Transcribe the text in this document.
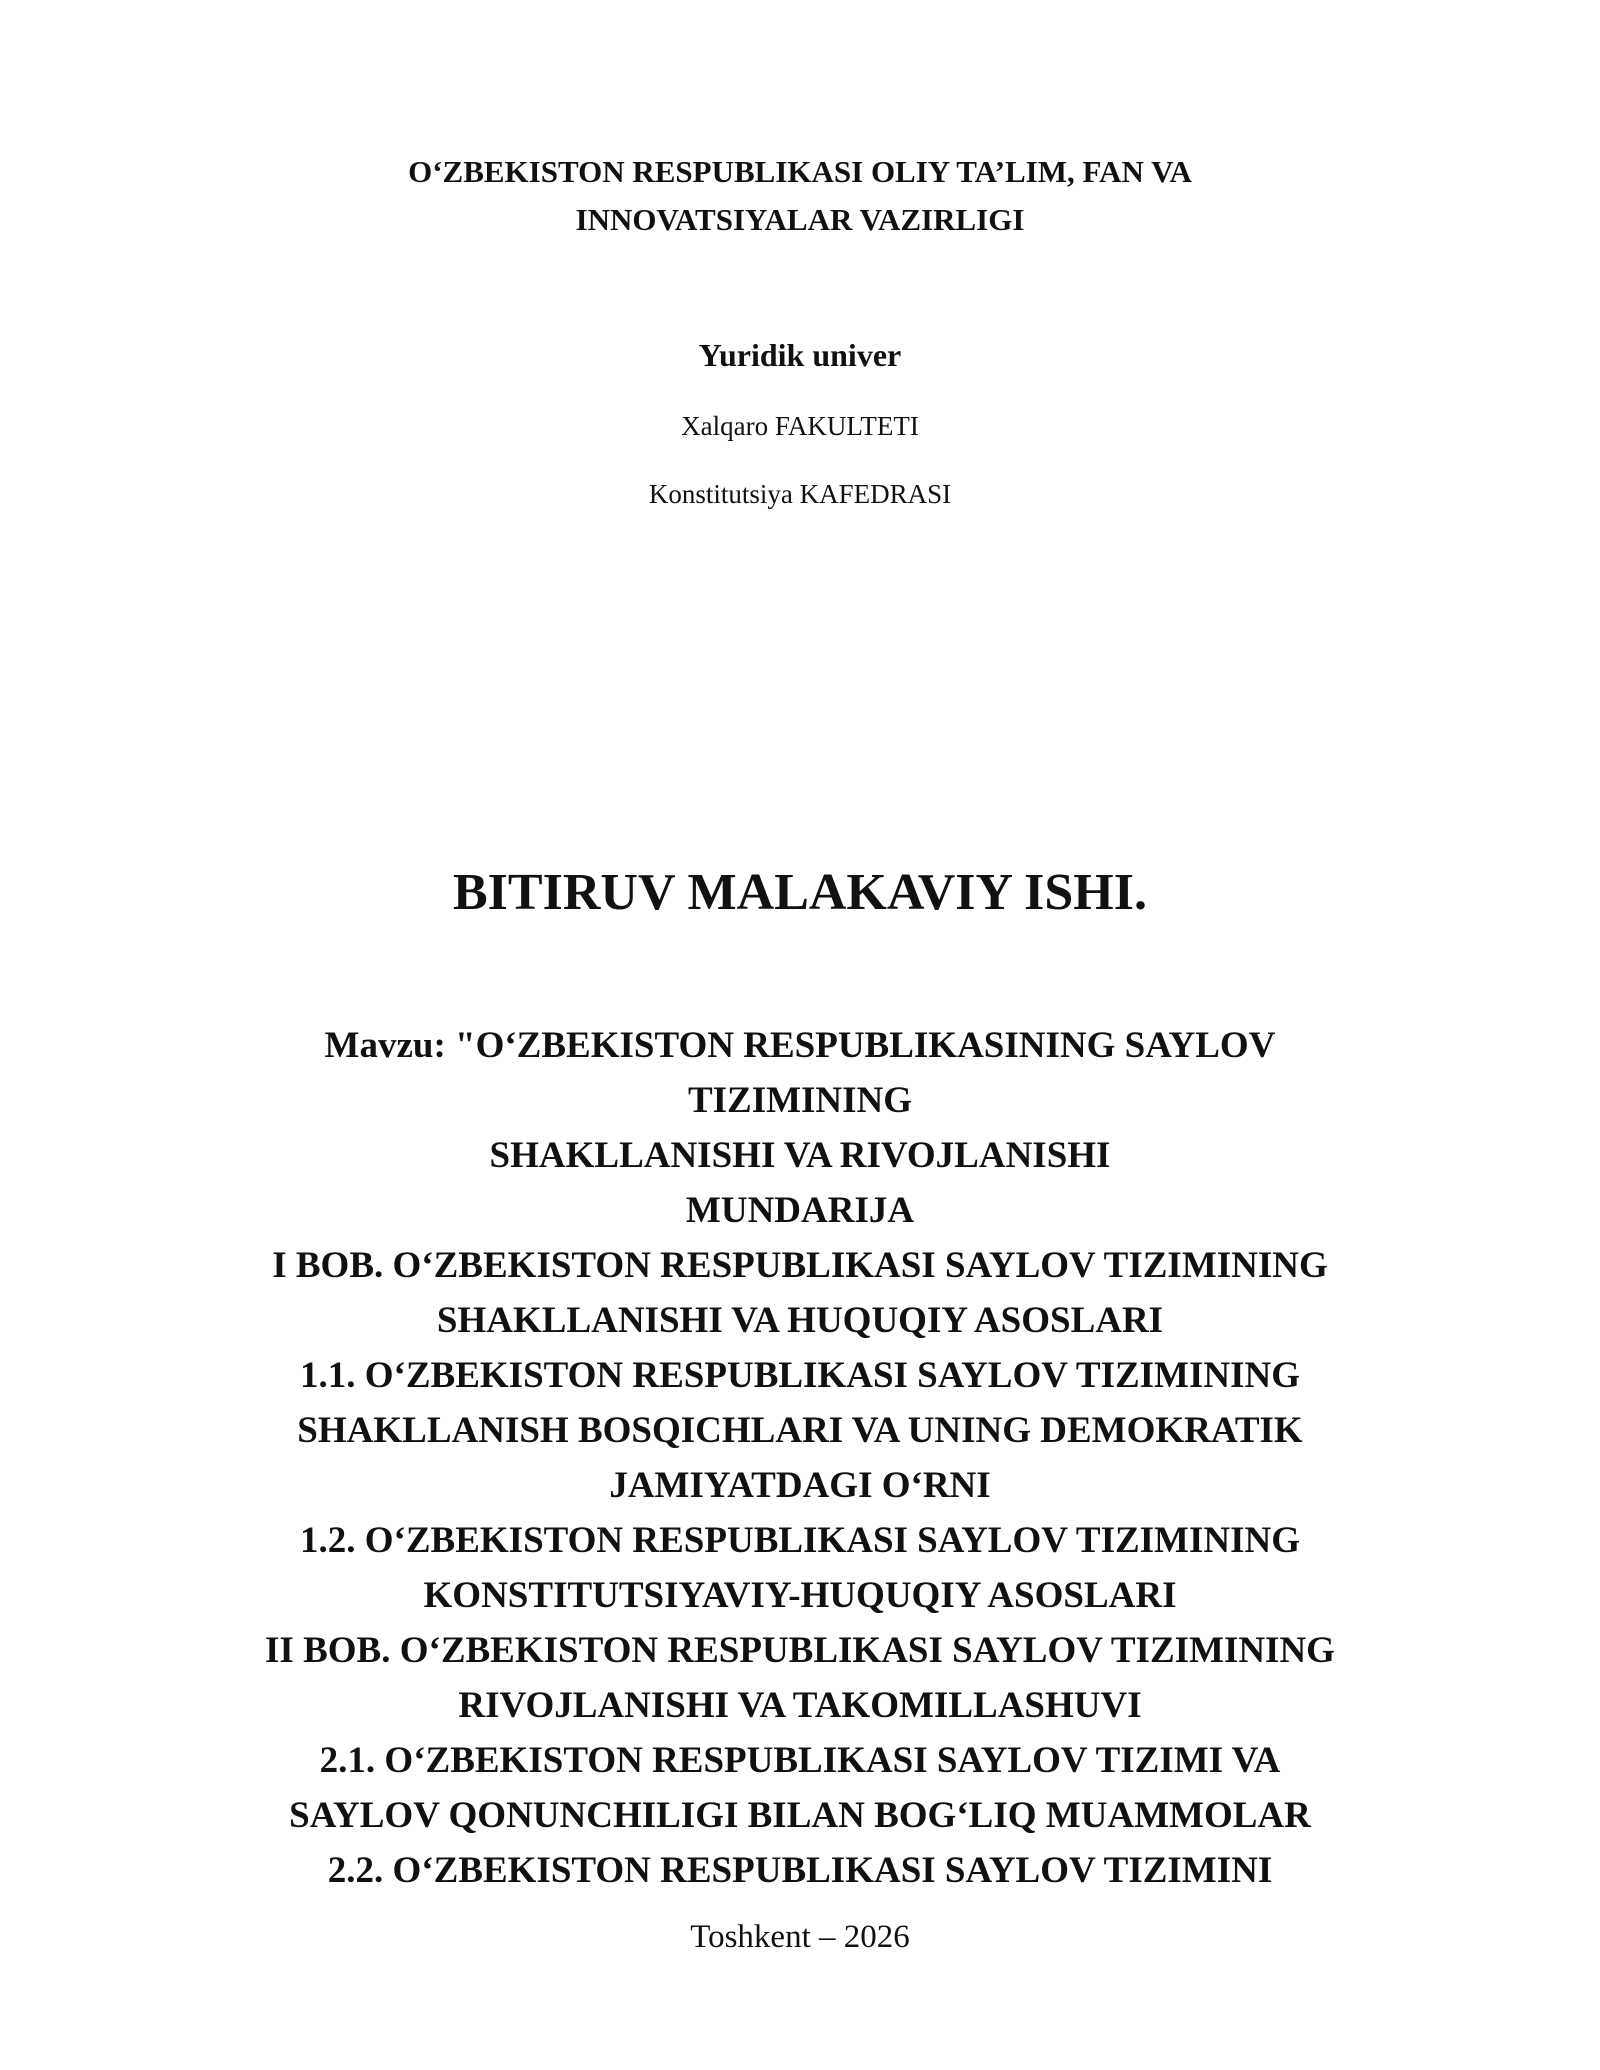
O‘ZBEKISTON RESPUBLIKASI OLIY TA’LIM, FAN VA
INNOVATSIYALAR VAZIRLIGI
Yuridik univer
Xalqaro FAKULTETI
Konstitutsiya KAFEDRASI
BITIRUV MALAKAVIY ISHI.
Mavzu: "O‘ZBEKISTON RESPUBLIKASINING SAYLOV
TIZIMINING
SHAKLLANISHI VA RIVOJLANISHI
MUNDARIJA
I BOB. O‘ZBEKISTON RESPUBLIKASI SAYLOV TIZIMINING
SHAKLLANISHI VA HUQUQIY ASOSLARI
1.1. O‘ZBEKISTON RESPUBLIKASI SAYLOV TIZIMINING
SHAKLLANISH BOSQICHLARI VA UNING DEMOKRATIK
JAMIYATDAGI O‘RNI
1.2. O‘ZBEKISTON RESPUBLIKASI SAYLOV TIZIMINING
KONSTITUTSIYAVIY-HUQUQIY ASOSLARI
II BOB. O‘ZBEKISTON RESPUBLIKASI SAYLOV TIZIMINING
RIVOJLANISHI VA TAKOMILLASHUVI
2.1. O‘ZBEKISTON RESPUBLIKASI SAYLOV TIZIMI VA
SAYLOV QONUNCHILIGI BILAN BOG‘LIQ MUAMMOLAR
2.2. O‘ZBEKISTON RESPUBLIKASI SAYLOV TIZIMINI
Toshkent – 2026
